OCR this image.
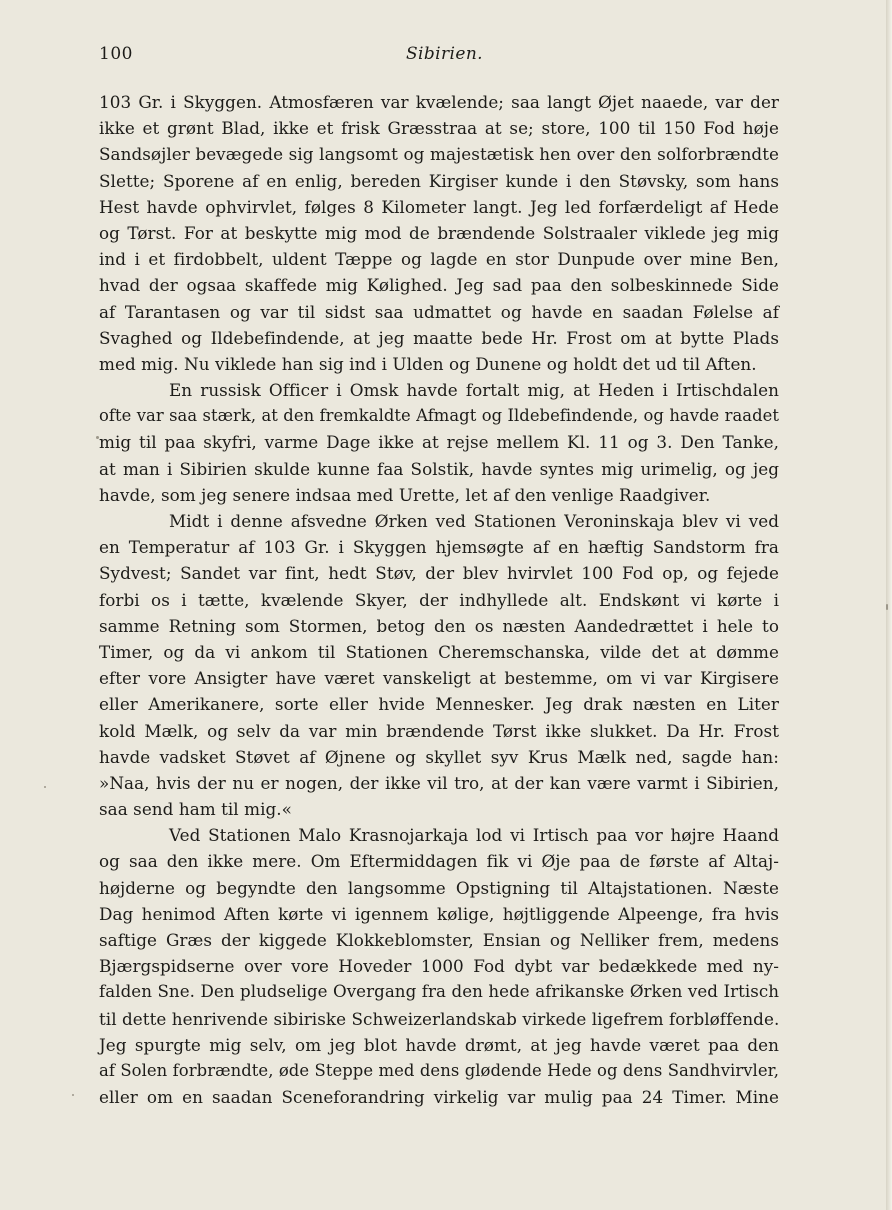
100	Sibirien.
103 Gr. i Skyggen. Atmosfæren var kvælende; saa langt Øjet naaede, var der
ikke et grønt Blad, ikke et frisk Græsstraa at se; store, 100 til 150 Fod høje
Sandsøjler bevægede sig langsomt og majestætisk hen over den solforbrændte
Slette; Sporene af en enlig, bereden Kirgiser kunde i den Støvsky, som hans
Hest havde ophvirvlet, følges 8 Kilometer langt. Jeg led forfærdeligt af Hede
og Tørst. For at beskytte mig mod de brændende Solstraaler viklede jeg mig
ind i et firdobbelt, uldent Tæppe og lagde en stor Dunpude over mine Ben,
hvad der ogsaa skaffede mig Kølighed. Jeg sad paa den solbeskinnede Side
af Tarantasen og var til sidst saa udmattet og havde en saadan Følelse af
Svaghed og Ildebefindende, at jeg maatte bede Hr. Frost om at bytte Plads
med mig. Nu viklede han sig ind i Ulden og Dunene og holdt det ud til Aften.
En russisk Officer i Omsk havde fortalt mig, at Heden i Irtischdalen
ofte var saa stærk, at den fremkaldte Afmagt og Ildebefindende, og havde raadet
mig til paa skyfri, varme Dage ikke at rejse mellem Kl. 11 og 3. Den Tanke,
at man i Sibirien skulde kunne faa Solstik, havde syntes mig urimelig, og jeg
havde, som jeg senere indsaa med Urette, let af den venlige Raadgiver.
Midt i denne afsvedne Ørken ved Stationen Veroninskaja blev vi ved
en Temperatur af 103 Gr. i Skyggen hjemsøgte af en hæftig Sandstorm fra
Sydvest; Sandet var fint, hedt Støv, der blev hvirvlet 100 Fod op, og fejede
forbi os i tætte, kvælende Skyer, der indhyllede alt. Endskønt vi kørte i
samme Retning som Stormen, betog den os næsten Aandedrættet i hele to
Timer, og da vi ankom til Stationen Cheremschanska, vilde det at dømme
efter vore Ansigter have været vanskeligt at bestemme, om vi var Kirgisere
eller Amerikanere, sorte eller hvide Mennesker. Jeg drak næsten en Liter
kold Mælk, og selv da var min brændende Tørst ikke slukket. Da Hr. Frost
havde vadsket Støvet af Øjnene og skyllet syv Krus Mælk ned, sagde han:
»Naa, hvis der nu er nogen, der ikke vil tro, at der kan være varmt i Sibirien,
saa send ham til mig.«
Ved Stationen Malo Krasnojarkaja lod vi Irtisch paa vor højre Haand
og saa den ikke mere. Om Eftermiddagen fik vi Øje paa de første af Altaj-
højderne og begyndte den langsomme Opstigning til Altajstationen. Næste
Dag henimod Aften kørte vi igennem kølige, højtliggende Alpeenge, fra hvis
saftige Græs der kiggede Klokkeblomster, Ensian og Nelliker frem, medens
Bjærgspidserne over vore Hoveder 1000 Fod dybt var bedækkede med ny-
falden Sne. Den pludselige Overgang fra den hede afrikanske Ørken ved Irtisch
til dette henrivende sibiriske Schweizerlandskab virkede ligefrem forbløffende.
Jeg spurgte mig selv, om jeg blot havde drømt, at jeg havde været paa den
af Solen forbrændte, øde Steppe med dens glødende Hede og dens Sandhvirvler,
eller om en saadan Sceneforandring virkelig var mulig paa 24 Timer. Mine
